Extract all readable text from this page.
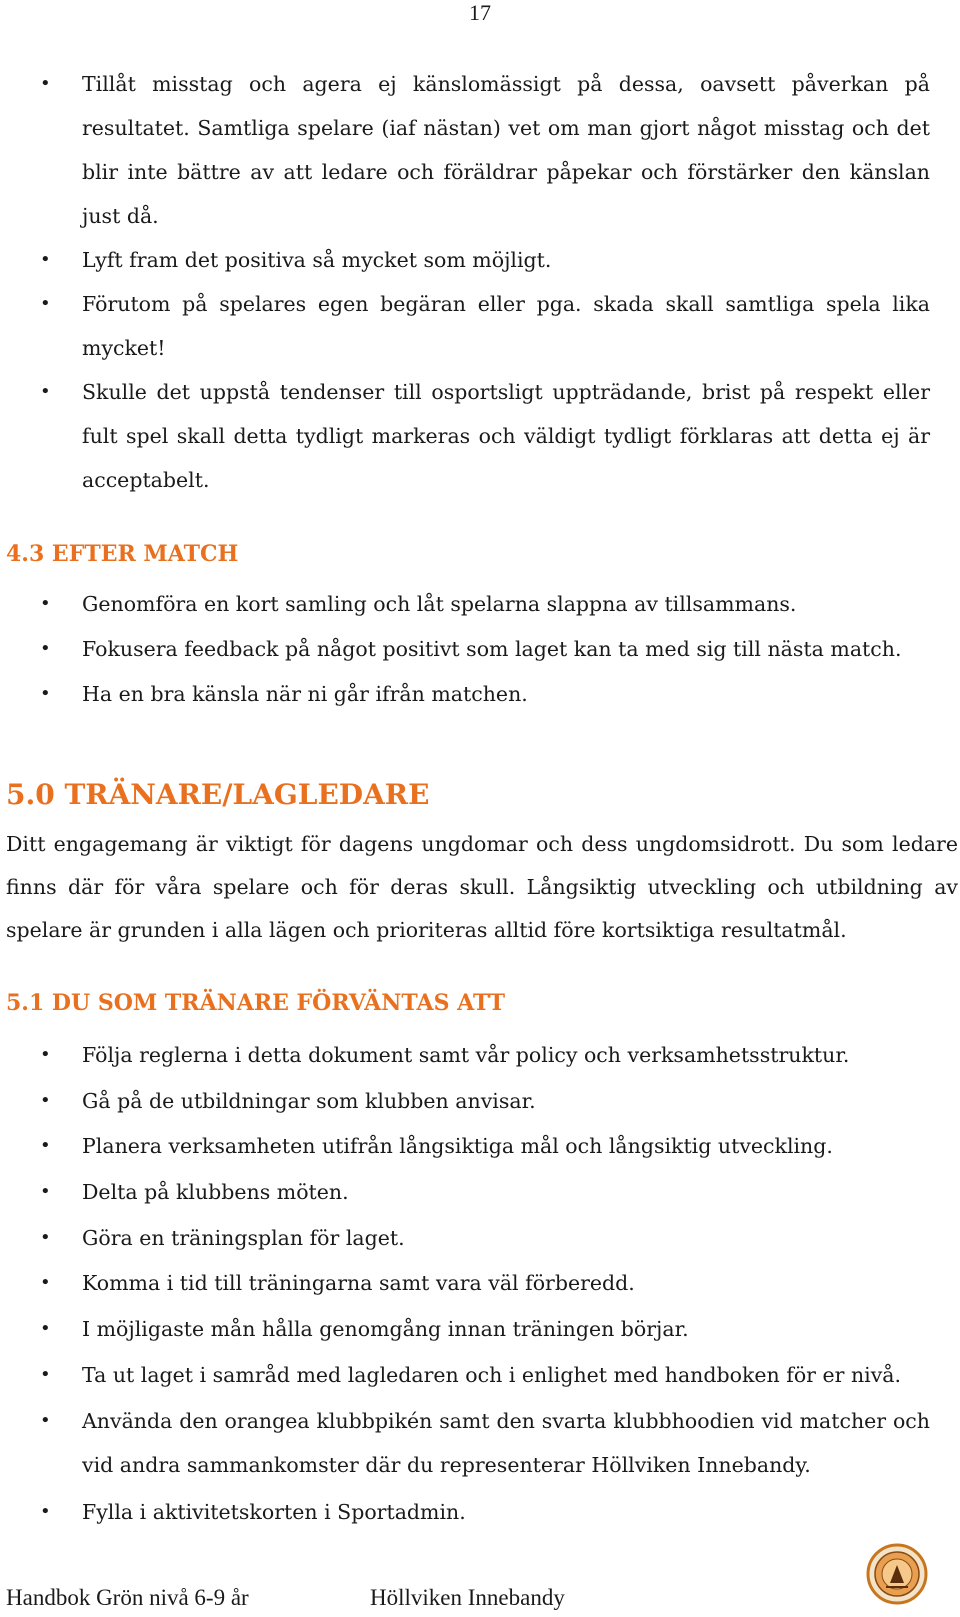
17
• Tillåt misstag och agera ej känslomässigt på dessa, oavsett påverkan på resultatet. Samtliga spelare (iaf nästan) vet om man gjort något misstag och det blir inte bättre av att ledare och föräldrar påpekar och förstärker den känslan just då.
• Lyft fram det positiva så mycket som möjligt.
• Förutom på spelares egen begäran eller pga. skada skall samtliga spela lika mycket!
• Skulle det uppstå tendenser till osportsligt uppträdande, brist på respekt eller fult spel skall detta tydligt markeras och väldigt tydligt förklaras att detta ej är acceptabelt.
4.3 EFTER MATCH
• Genomföra en kort samling och låt spelarna slappna av tillsammans.
• Fokusera feedback på något positivt som laget kan ta med sig till nästa match.
• Ha en bra känsla när ni går ifrån matchen.
5.0 TRÄNARE/LAGLEDARE
Ditt engagemang är viktigt för dagens ungdomar och dess ungdomsidrott. Du som ledare finns där för våra spelare och för deras skull. Långsiktig utveckling och utbildning av spelare är grunden i alla lägen och prioriteras alltid före kortsiktiga resultatmål.
5.1 DU SOM TRÄNARE FÖRVÄNTAS ATT
• Följa reglerna i detta dokument samt vår policy och verksamhetsstruktur.
• Gå på de utbildningar som klubben anvisar.
• Planera verksamheten utifrån långsiktiga mål och långsiktig utveckling.
• Delta på klubbens möten.
• Göra en träningsplan för laget.
• Komma i tid till träningarna samt vara väl förberedd.
• I möjligaste mån hålla genomgång innan träningen börjar.
• Ta ut laget i samråd med lagledaren och i enlighet med handboken för er nivå.
• Använda den orangea klubbpikén samt den svarta klubbhoodien vid matcher och vid andra sammankomster där du representerar Höllviken Innebandy.
• Fylla i aktivitetskorten i Sportadmin.
Handbok Grön nivå 6-9 år	Höllviken Innebandy
